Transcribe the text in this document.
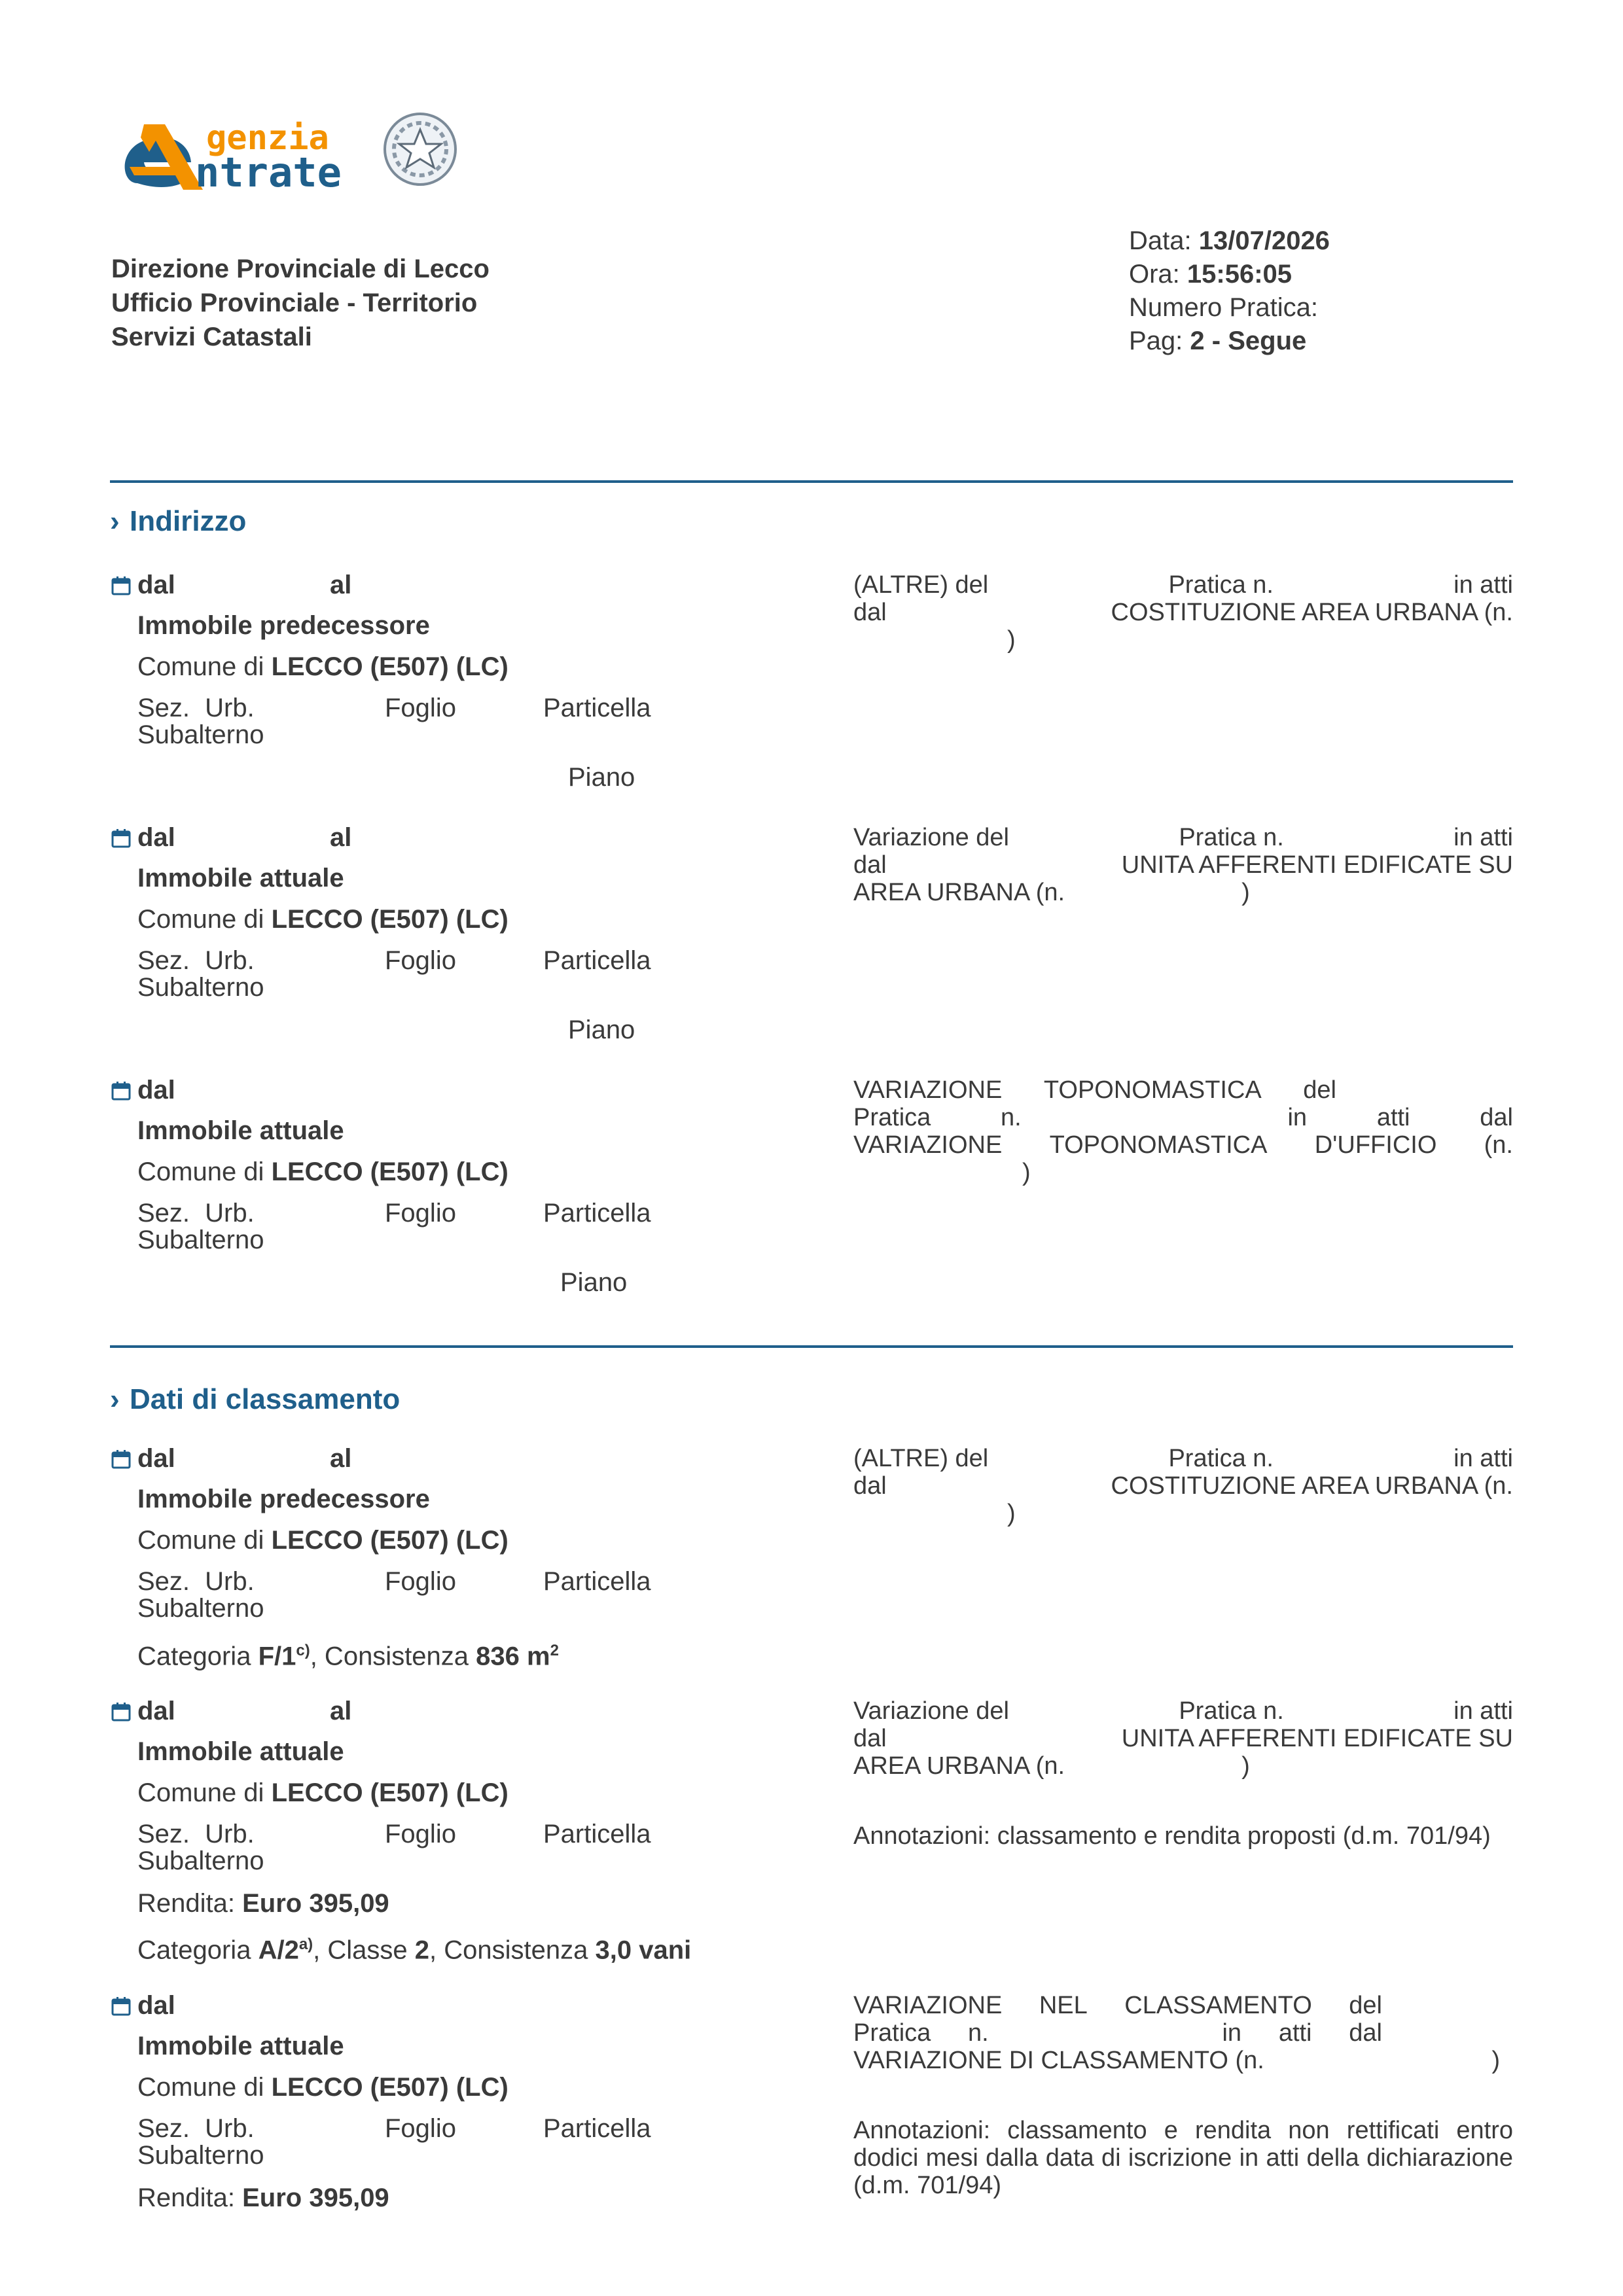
genzia
ntrate
Direzione Provinciale di Lecco
Ufficio Provinciale - Territorio
Servizi Catastali
Data: 13/07/2026
Ora: 15:56:05
Numero Pratica:
Pag: 2 - Segue
› Indirizzo
dal	al
Immobile predecessore
Comune di LECCO (E507) (LC)
Sez. Urb.	Foglio	Particella
Subalterno
Piano
(ALTRE) del	Pratica n.	in atti
dal	COSTITUZIONE AREA URBANA (n.
)
dal	al
Immobile attuale
Comune di LECCO (E507) (LC)
Sez. Urb.	Foglio	Particella
Subalterno
Piano
Variazione del	Pratica n.	in atti
dal	UNITA AFFERENTI EDIFICATE SU
AREA URBANA (n.	)
dal
Immobile attuale
Comune di LECCO (E507) (LC)
Sez. Urb.	Foglio	Particella
Subalterno
Piano
VARIAZIONE TOPONOMASTICA del
Pratica	n.	in	atti	dal
VARIAZIONE TOPONOMASTICA D'UFFICIO (n.
)
› Dati di classamento
dal	al
Immobile predecessore
Comune di LECCO (E507) (LC)
Sez. Urb.	Foglio	Particella
Subalterno
Categoria F/1$^{c)}$, Consistenza 836 $m^2$
(ALTRE) del	Pratica n.	in atti
dal	COSTITUZIONE AREA URBANA (n.
)
dal	al
Immobile attuale
Comune di LECCO (E507) (LC)
Sez. Urb.	Foglio	Particella
Subalterno
Rendita: Euro 395,09
Categoria A/2$^{a)}$, Classe 2, Consistenza 3,0 vani
Variazione del	Pratica n.	in atti
dal	UNITA AFFERENTI EDIFICATE SU
AREA URBANA (n.	)
Annotazioni: classamento e rendita proposti (d.m. 701/94)
dal
Immobile attuale
Comune di LECCO (E507) (LC)
Sez. Urb.	Foglio	Particella
Subalterno
Rendita: Euro 395,09
VARIAZIONE NEL CLASSAMENTO del
Pratica n.	in atti dal
VARIAZIONE DI CLASSAMENTO (n.	)
Annotazioni: classamento e rendita non rettificati entro dodici mesi dalla data di iscrizione in atti della dichiarazione (d.m. 701/94)
